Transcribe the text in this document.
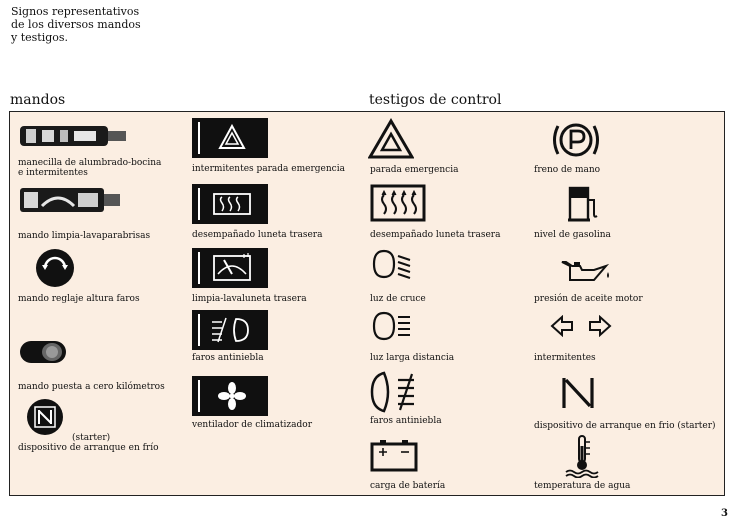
Signos representativos
de los diversos mandos
y testigos.
mandos	testigos de control
manecilla de alumbrado-bocina
e intermitentes
mando limpia-lavaparabrisas
mando reglaje altura faros
mando puesta a cero kilómetros
(starter)
dispositivo de arranque en frío
intermitentes parada emergencia
desempañado luneta trasera
limpia-lavaluneta trasera
faros antiniebla
ventilador de climatizador
parada emergencia
desempañado luneta trasera
luz de cruce
luz larga distancia
faros antiniebla
carga de batería
freno de mano
nivel de gasolina
presión de aceite motor
intermitentes
dispositivo de arranque en frio (starter)
temperatura de agua
3
